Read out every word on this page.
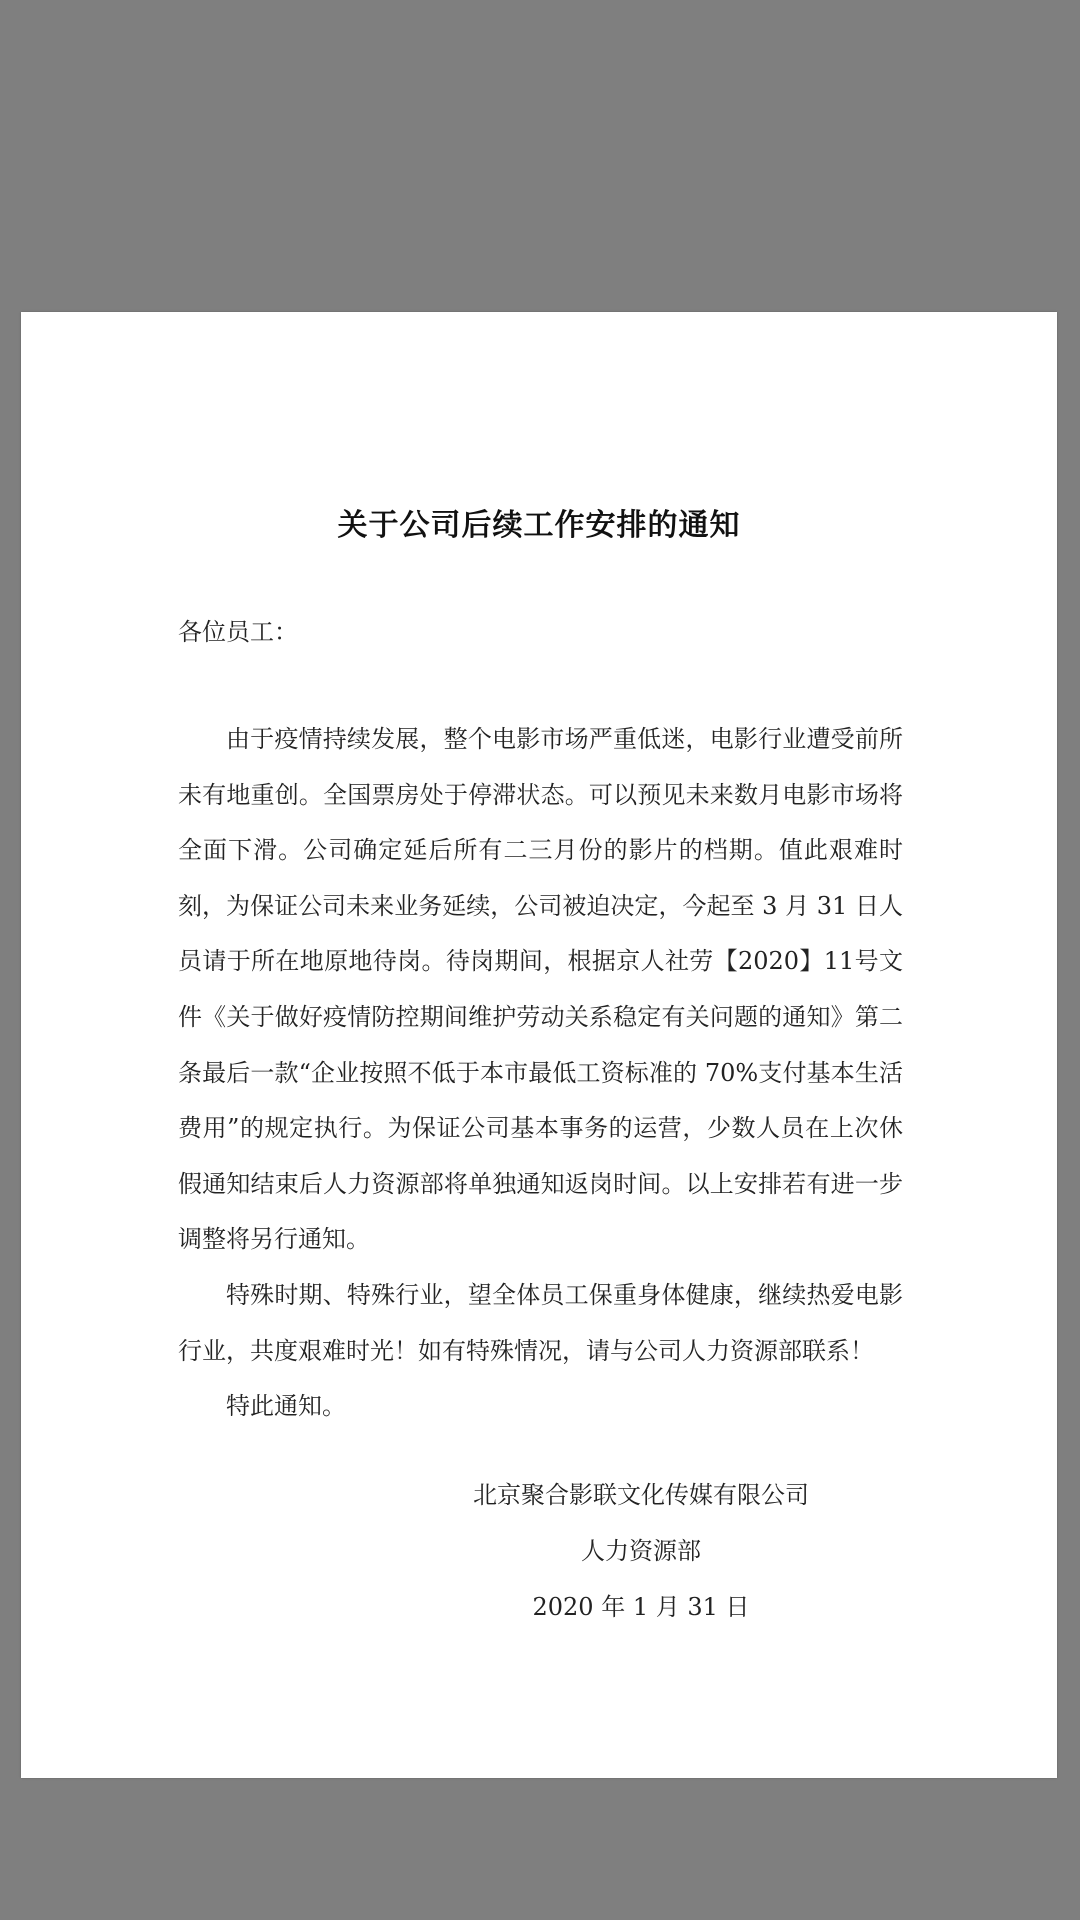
关于公司后续工作安排的通知
各位员工：

由于疫情持续发展，整个电影市场严重低迷，电影行业遭受前所未有地重创。全国票房处于停滞状态。可以预见未来数月电影市场将全面下滑。公司确定延后所有二三月份的影片的档期。值此艰难时刻，为保证公司未来业务延续，公司被迫决定，今起至 3 月 31 日人员请于所在地原地待岗。待岗期间，根据京人社劳【2020】11号文件《关于做好疫情防控期间维护劳动关系稳定有关问题的通知》第二条最后一款“企业按照不低于本市最低工资标准的 70%支付基本生活费用”的规定执行。为保证公司基本事务的运营，少数人员在上次休假通知结束后人力资源部将单独通知返岗时间。以上安排若有进一步调整将另行通知。

特殊时期、特殊行业，望全体员工保重身体健康，继续热爱电影行业，共度艰难时光！如有特殊情况，请与公司人力资源部联系！

特此通知。

北京聚合影联文化传媒有限公司
人力资源部
2020 年 1 月 31 日
